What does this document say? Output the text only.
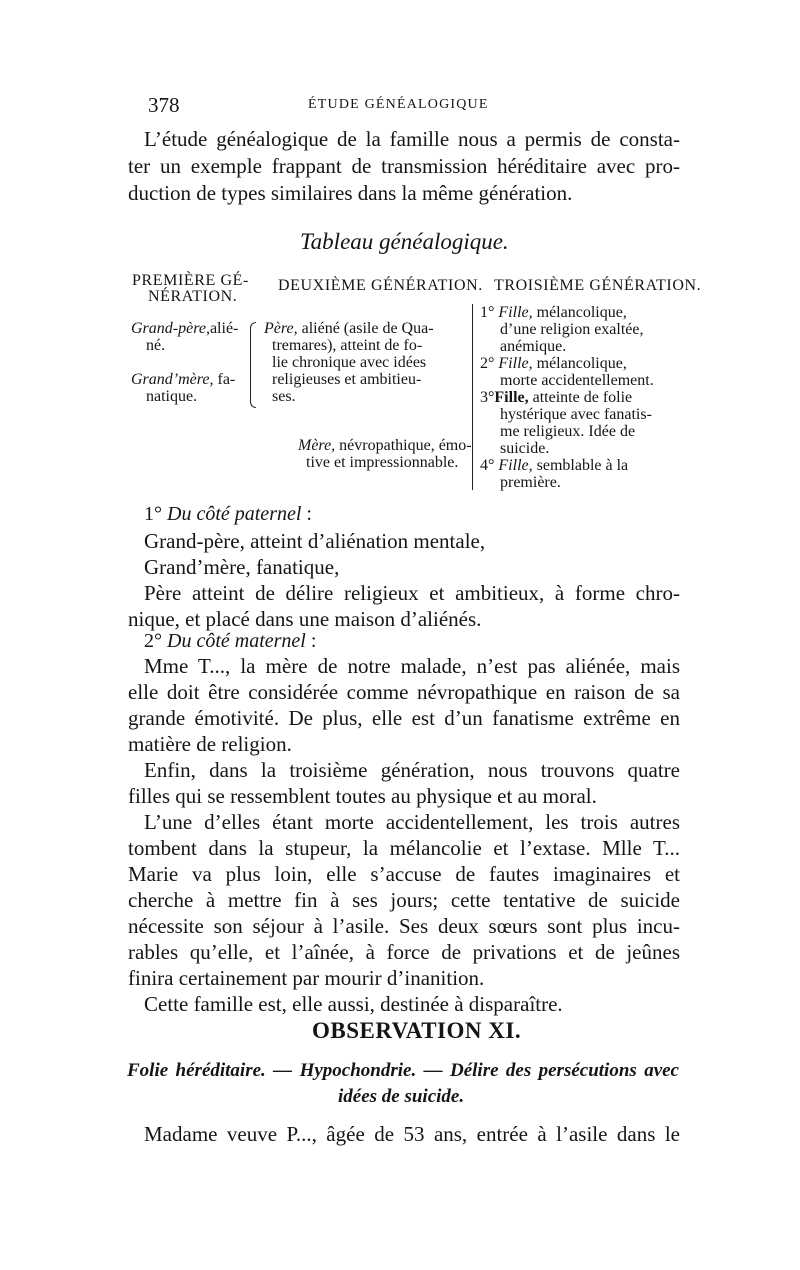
378	ÉTUDE GÉNÉALOGIQUE
L’étude généalogique de la famille nous a permis de consta-
ter un exemple frappant de transmission héréditaire avec pro-
duction de types similaires dans la même génération.
Tableau généalogique.
PREMIÈRE GÉ-
NÉRATION.
DEUXIÈME GÉNÉRATION. TROISIÈME GÉNÉRATION.
Grand-père,alié-
né.
Grand’mère, fa-
natique.
Père, aliéné (asile de Qua-
tremares), atteint de fo-
lie chronique avec idées
religieuses et ambitieu-
ses.
Mère, névropathique, émo-
tive et impressionnable.
1° Fille, mélancolique,
d’une religion exaltée,
anémique.
2° Fille, mélancolique,
morte accidentellement.
3°Fille, atteinte de folie
hystérique avec fanatis-
me religieux. Idée de
suicide.
4° Fille, semblable à la
première.
1° Du côté paternel :
Grand-père, atteint d’aliénation mentale,
Grand’mère, fanatique,
Père atteint de délire religieux et ambitieux, à forme chro-
nique, et placé dans une maison d’aliénés.
2° Du côté maternel :
Mme T..., la mère de notre malade, n’est pas aliénée, mais
elle doit être considérée comme névropathique en raison de sa
grande émotivité. De plus, elle est d’un fanatisme extrême en
matière de religion.
Enfin, dans la troisième génération, nous trouvons quatre
filles qui se ressemblent toutes au physique et au moral.
L’une d’elles étant morte accidentellement, les trois autres
tombent dans la stupeur, la mélancolie et l’extase. Mlle T...
Marie va plus loin, elle s’accuse de fautes imaginaires et
cherche à mettre fin à ses jours; cette tentative de suicide
nécessite son séjour à l’asile. Ses deux sœurs sont plus incu-
rables qu’elle, et l’aînée, à force de privations et de jeûnes
finira certainement par mourir d’inanition.
Cette famille est, elle aussi, destinée à disparaître.
OBSERVATION XI.
Folie héréditaire. — Hypochondrie. — Délire des persécutions avec
idées de suicide.
Madame veuve P..., âgée de 53 ans, entrée à l’asile dans le
